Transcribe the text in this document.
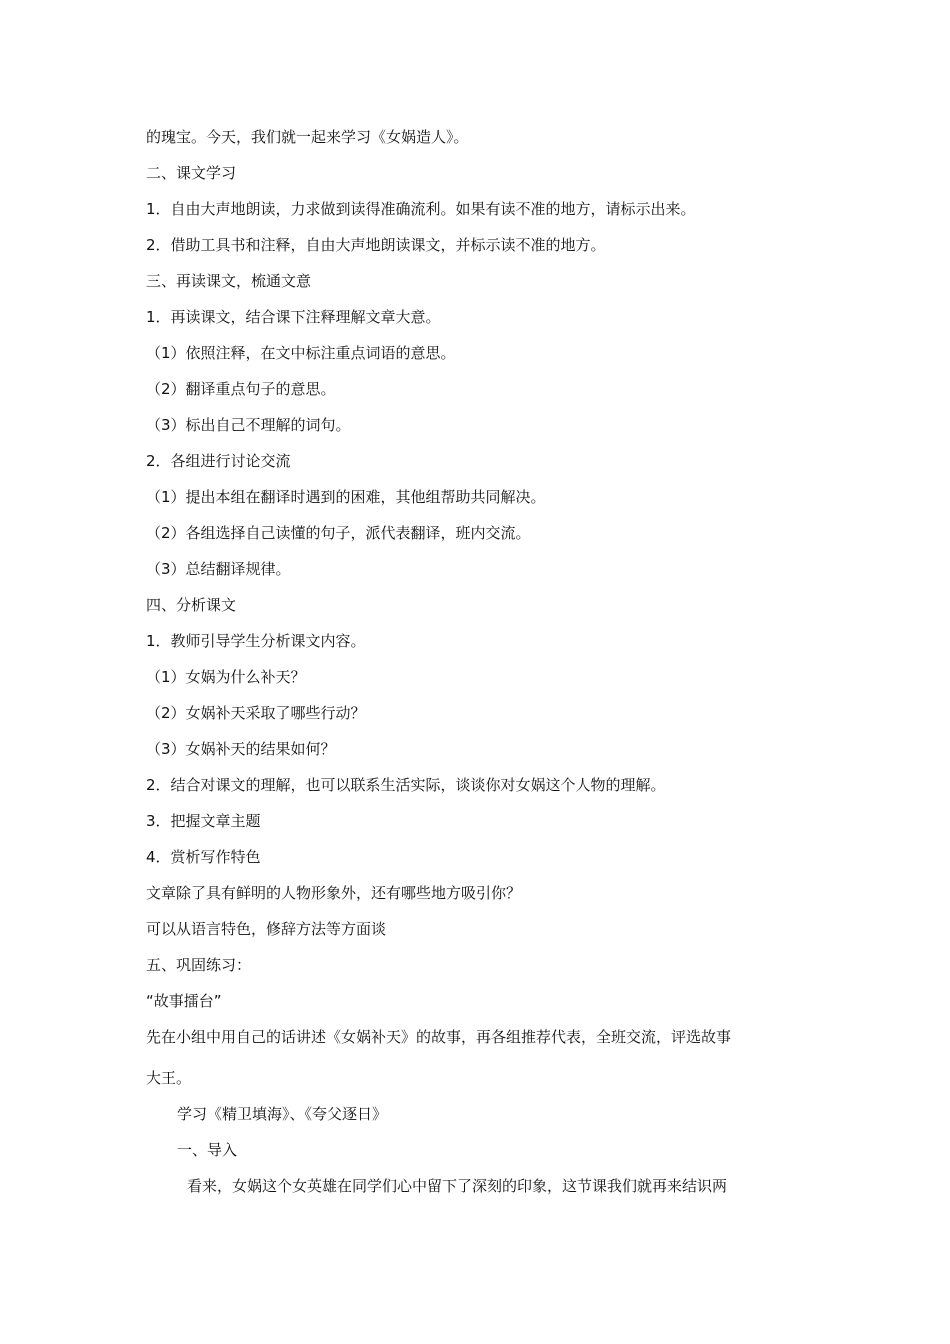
的瑰宝。今天，我们就一起来学习《女娲造人》。
二、课文学习
1．自由大声地朗读，力求做到读得准确流利。如果有读不准的地方，请标示出来。
2．借助工具书和注释，自由大声地朗读课文，并标示读不准的地方。
三、再读课文，梳通文意
1．再读课文，结合课下注释理解文章大意。
（1）依照注释，在文中标注重点词语的意思。
（2）翻译重点句子的意思。
（3）标出自己不理解的词句。
2．各组进行讨论交流
（1）提出本组在翻译时遇到的困难，其他组帮助共同解决。
（2）各组选择自己读懂的句子，派代表翻译，班内交流。
（3）总结翻译规律。
四、分析课文
1．教师引导学生分析课文内容。
（1）女娲为什么补天？
（2）女娲补天采取了哪些行动？
（3）女娲补天的结果如何？
2．结合对课文的理解，也可以联系生活实际，谈谈你对女娲这个人物的理解。
3．把握文章主题
4．赏析写作特色
文章除了具有鲜明的人物形象外，还有哪些地方吸引你？
可以从语言特色，修辞方法等方面谈
五、巩固练习：
“故事擂台”
先在小组中用自己的话讲述《女娲补天》的故事，再各组推荐代表，全班交流，评选故事
大王。
学习《精卫填海》、《夸父逐日》
一、导入
看来，女娲这个女英雄在同学们心中留下了深刻的印象，这节课我们就再来结识两
